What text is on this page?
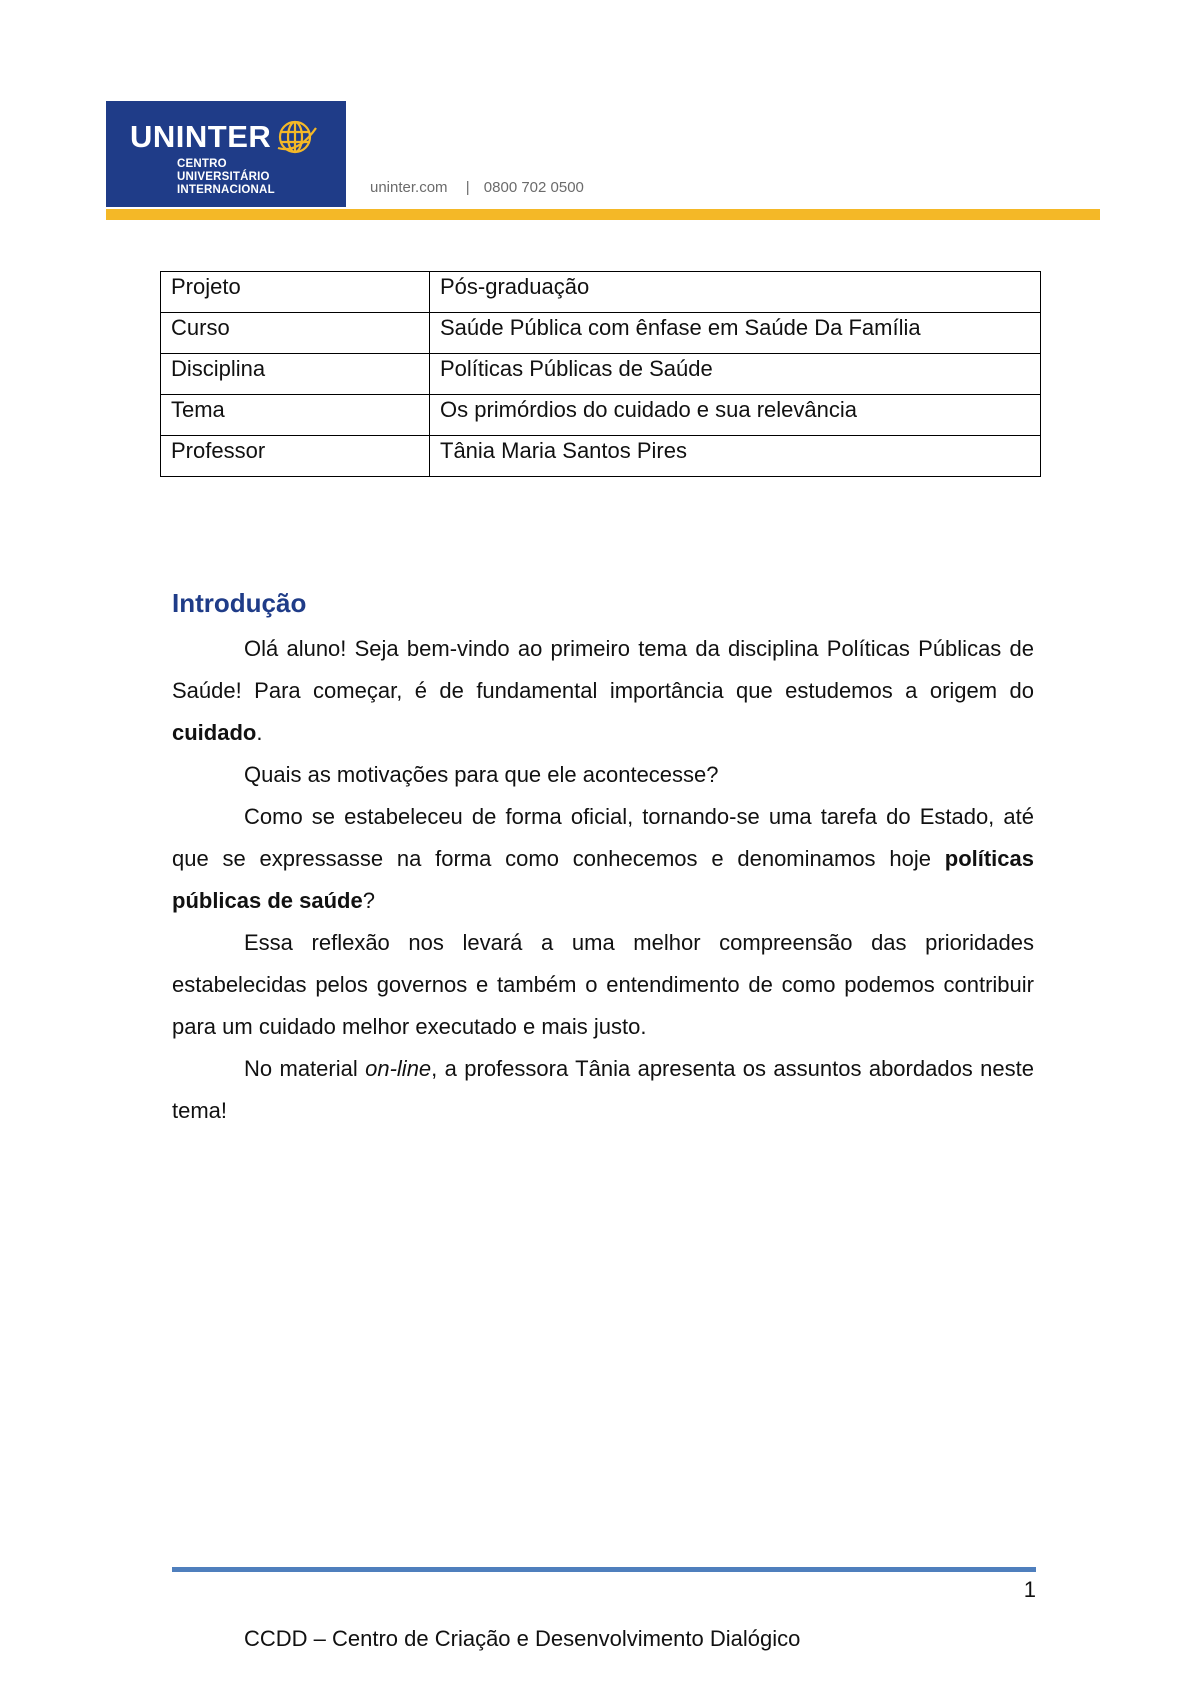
UNINTER
CENTRO
UNIVERSITÁRIO
INTERNACIONAL	uninter.com | 0800 702 0500
Projeto	Pós-graduação
Curso	Saúde Pública com ênfase em Saúde Da Família
Disciplina	Políticas Públicas de Saúde
Tema	Os primórdios do cuidado e sua relevância
Professor	Tânia Maria Santos Pires
Introdução

Olá aluno! Seja bem-vindo ao primeiro tema da disciplina Políticas Públicas de Saúde! Para começar, é de fundamental importância que estudemos a origem do cuidado.

Quais as motivações para que ele acontecesse?

Como se estabeleceu de forma oficial, tornando-se uma tarefa do Estado, até que se expressasse na forma como conhecemos e denominamos hoje políticas públicas de saúde?

Essa reflexão nos levará a uma melhor compreensão das prioridades estabelecidas pelos governos e também o entendimento de como podemos contribuir para um cuidado melhor executado e mais justo.

No material on-line, a professora Tânia apresenta os assuntos abordados neste tema!

1
CCDD – Centro de Criação e Desenvolvimento Dialógico
